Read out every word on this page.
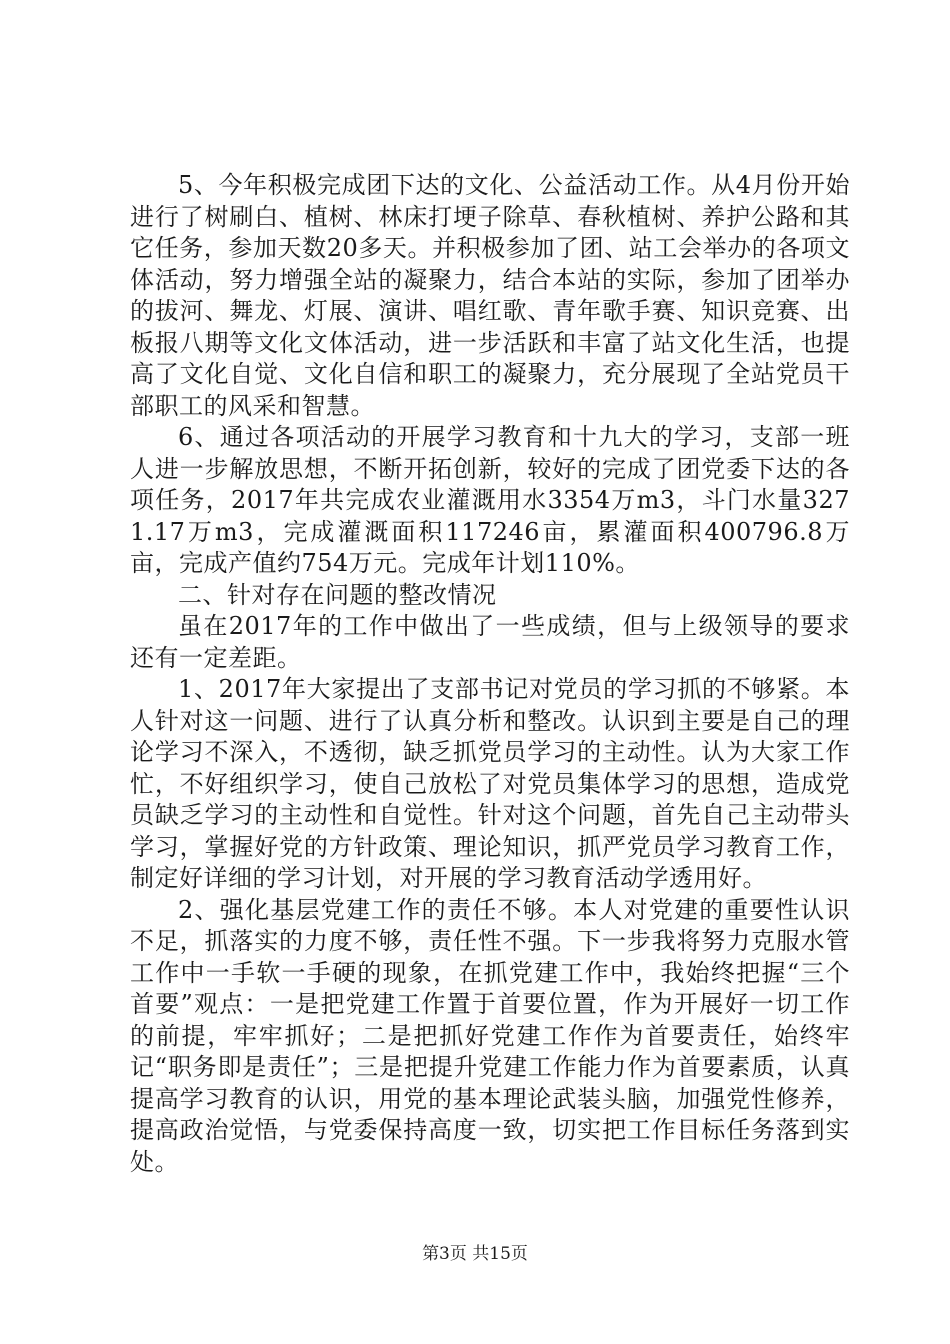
5、今年积极完成团下达的文化、公益活动工作。从4月份开始进行了树刷白、植树、林床打埂子除草、春秋植树、养护公路和其它任务，参加天数20多天。并积极参加了团、站工会举办的各项文体活动，努力增强全站的凝聚力，结合本站的实际，参加了团举办的拔河、舞龙、灯展、演讲、唱红歌、青年歌手赛、知识竞赛、出板报八期等文化文体活动，进一步活跃和丰富了站文化生活，也提高了文化自觉、文化自信和职工的凝聚力，充分展现了全站党员干部职工的风采和智慧。

6、通过各项活动的开展学习教育和十九大的学习，支部一班人进一步解放思想，不断开拓创新，较好的完成了团党委下达的各项任务，2017年共完成农业灌溉用水3354万m3，斗门水量3271.17万m3，完成灌溉面积117246亩，累灌面积400796.8万亩，完成产值约754万元。完成年计划110%。

二、针对存在问题的整改情况

虽在2017年的工作中做出了一些成绩，但与上级领导的要求还有一定差距。

1、2017年大家提出了支部书记对党员的学习抓的不够紧。本人针对这一问题、进行了认真分析和整改。认识到主要是自己的理论学习不深入，不透彻，缺乏抓党员学习的主动性。认为大家工作忙，不好组织学习，使自己放松了对党员集体学习的思想，造成党员缺乏学习的主动性和自觉性。针对这个问题，首先自己主动带头学习，掌握好党的方针政策、理论知识，抓严党员学习教育工作，制定好详细的学习计划，对开展的学习教育活动学透用好。

2、强化基层党建工作的责任不够。本人对党建的重要性认识不足，抓落实的力度不够，责任性不强。下一步我将努力克服水管工作中一手软一手硬的现象，在抓党建工作中，我始终把握“三个首要”观点：一是把党建工作置于首要位置，作为开展好一切工作的前提，牢牢抓好；二是把抓好党建工作作为首要责任，始终牢记“职务即是责任”；三是把提升党建工作能力作为首要素质，认真提高学习教育的认识，用党的基本理论武装头脑，加强党性修养，提高政治觉悟，与党委保持高度一致，切实把工作目标任务落到实处。

第3页 共15页
